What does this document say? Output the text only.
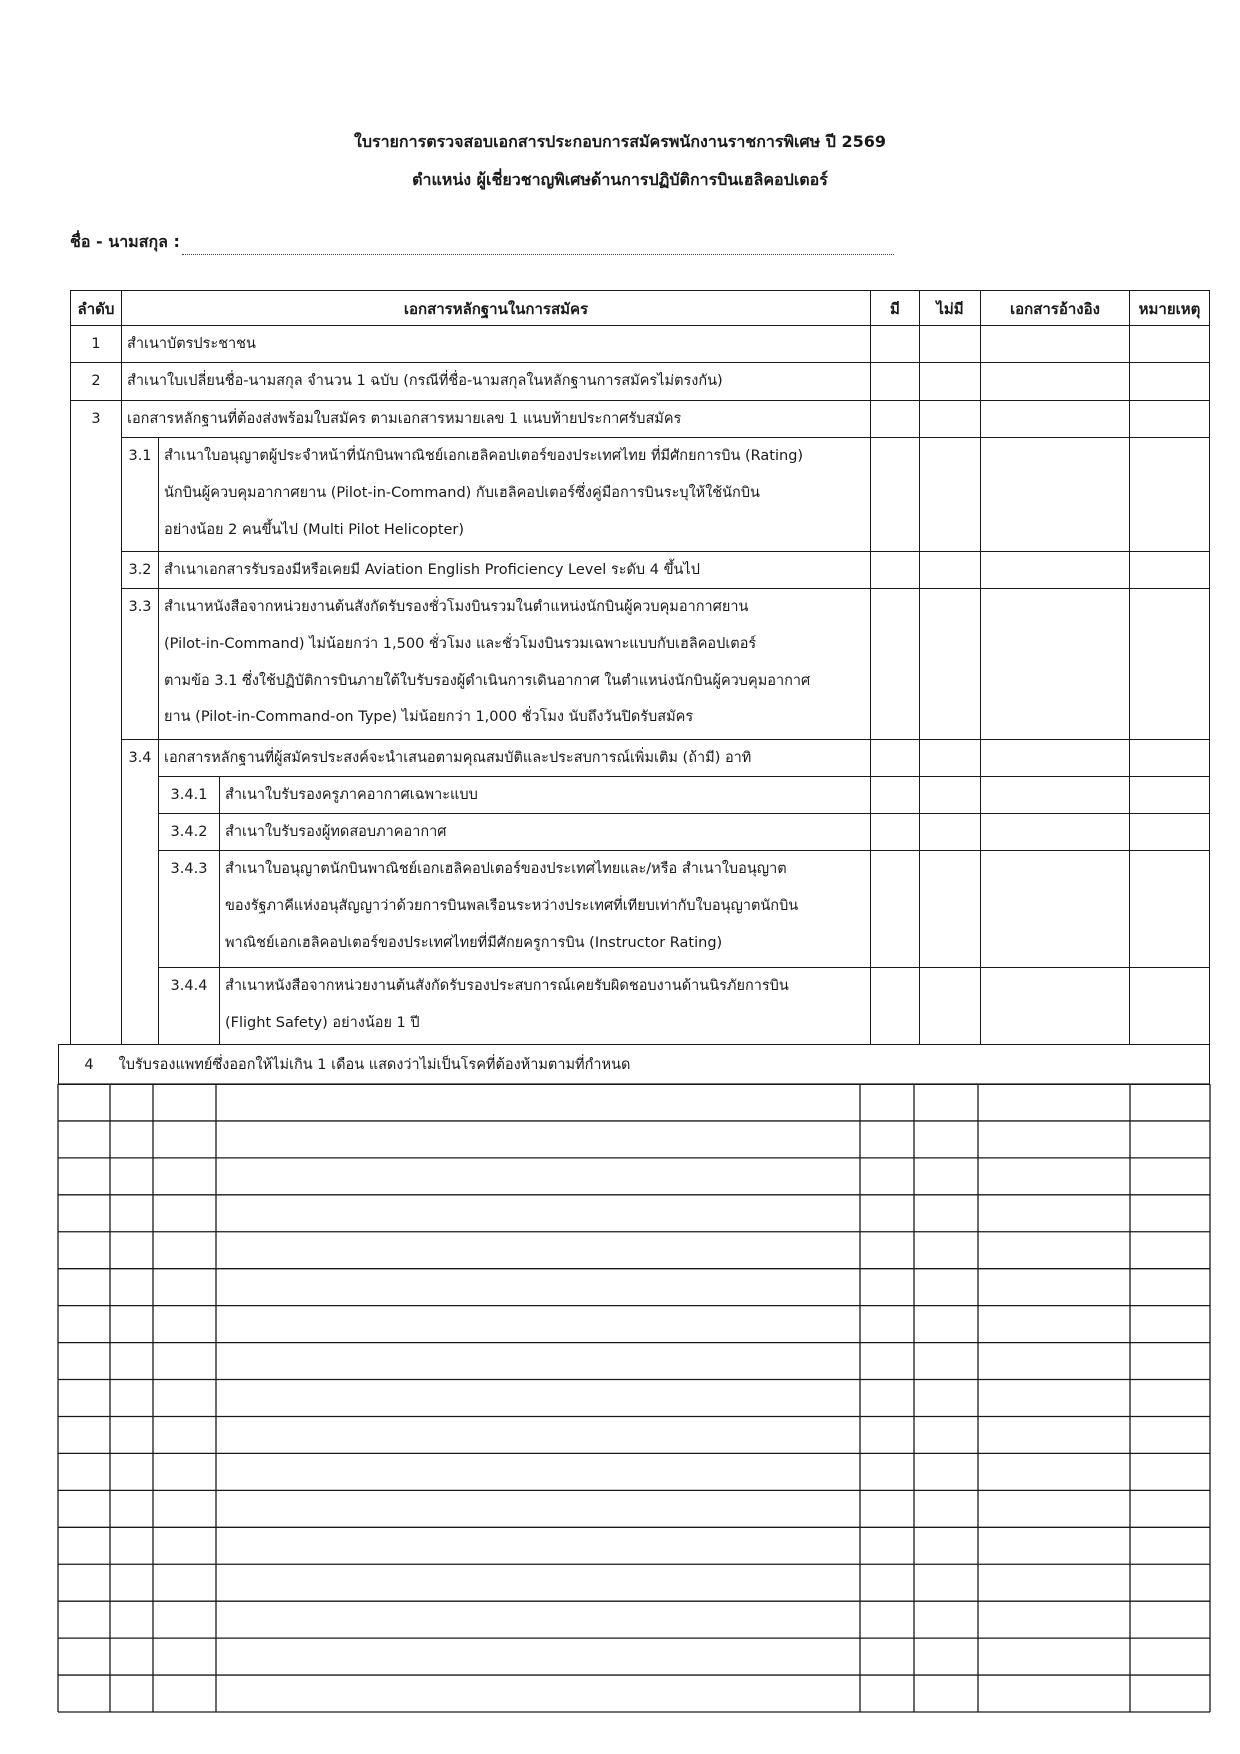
ใบรายการตรวจสอบเอกสารประกอบการสมัครพนักงานราชการพิเศษ ปี 2569
ตำแหน่ง ผู้เชี่ยวชาญพิเศษด้านการปฏิบัติการบินเฮลิคอปเตอร์
ชื่อ - นามสกุล :
ลำดับ	เอกสารหลักฐานในการสมัคร	มี	ไม่มี	เอกสารอ้างอิง	หมายเหตุ
1	สำเนาบัตรประชาชน
2	สำเนาใบเปลี่ยนชื่อ-นามสกุล จำนวน 1 ฉบับ (กรณีที่ชื่อ-นามสกุลในหลักฐานการสมัครไม่ตรงกัน)
3	เอกสารหลักฐานที่ต้องส่งพร้อมใบสมัคร ตามเอกสารหมายเลข 1 แนบท้ายประกาศรับสมัคร
3.1 สำเนาใบอนุญาตผู้ประจำหน้าที่นักบินพาณิชย์เอกเฮลิคอปเตอร์ของประเทศไทย ที่มีศักยการบิน (Rating)
นักบินผู้ควบคุมอากาศยาน (Pilot-in-Command) กับเฮลิคอปเตอร์ซึ่งคู่มือการบินระบุให้ใช้นักบิน
อย่างน้อย 2 คนขึ้นไป (Multi Pilot Helicopter)
3.2 สำเนาเอกสารรับรองมีหรือเคยมี Aviation English Proficiency Level ระดับ 4 ขึ้นไป
3.3 สำเนาหนังสือจากหน่วยงานต้นสังกัดรับรองชั่วโมงบินรวมในตำแหน่งนักบินผู้ควบคุมอากาศยาน
(Pilot-in-Command) ไม่น้อยกว่า 1,500 ชั่วโมง และชั่วโมงบินรวมเฉพาะแบบกับเฮลิคอปเตอร์
ตามข้อ 3.1 ซึ่งใช้ปฏิบัติการบินภายใต้ใบรับรองผู้ดำเนินการเดินอากาศ ในตำแหน่งนักบินผู้ควบคุมอากาศ
ยาน (Pilot-in-Command-on Type) ไม่น้อยกว่า 1,000 ชั่วโมง นับถึงวันปิดรับสมัคร
3.4 เอกสารหลักฐานที่ผู้สมัครประสงค์จะนำเสนอตามคุณสมบัติและประสบการณ์เพิ่มเติม (ถ้ามี) อาทิ
3.4.1	สำเนาใบรับรองครูภาคอากาศเฉพาะแบบ
3.4.2	สำเนาใบรับรองผู้ทดสอบภาคอากาศ
3.4.3	สำเนาใบอนุญาตนักบินพาณิชย์เอกเฮลิคอปเตอร์ของประเทศไทยและ/หรือ สำเนาใบอนุญาต
ของรัฐภาคีแห่งอนุสัญญาว่าด้วยการบินพลเรือนระหว่างประเทศที่เทียบเท่ากับใบอนุญาตนักบิน
พาณิชย์เอกเฮลิคอปเตอร์ของประเทศไทยที่มีศักยครูการบิน (Instructor Rating)
3.4.4	สำเนาหนังสือจากหน่วยงานต้นสังกัดรับรองประสบการณ์เคยรับผิดชอบงานด้านนิรภัยการบิน
(Flight Safety) อย่างน้อย 1 ปี
4 ใบรับรองแพทย์ซึ่งออกให้ไม่เกิน 1 เดือน แสดงว่าไม่เป็นโรคที่ต้องห้ามตามที่กำหนด
